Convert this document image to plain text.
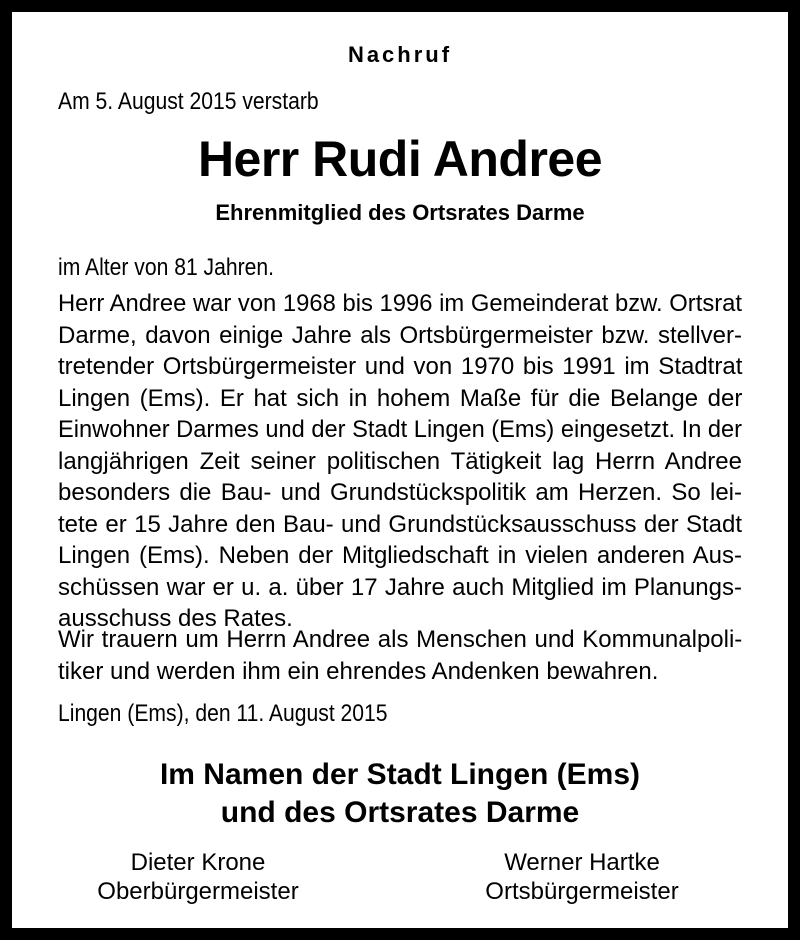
Nachruf
Am 5. August 2015 verstarb
Herr Rudi Andree
Ehrenmitglied des Ortsrates Darme
im Alter von 81 Jahren.
Herr Andree war von 1968 bis 1996 im Gemeinderat bzw. Ortsrat
Darme, davon einige Jahre als Ortsbürgermeister bzw. stellver-
tretender Ortsbürgermeister und von 1970 bis 1991 im Stadtrat
Lingen (Ems). Er hat sich in hohem Maße für die Belange der
Einwohner Darmes und der Stadt Lingen (Ems) eingesetzt. In der
langjährigen Zeit seiner politischen Tätigkeit lag Herrn Andree
besonders die Bau- und Grundstückspolitik am Herzen. So lei-
tete er 15 Jahre den Bau- und Grundstücksausschuss der Stadt
Lingen (Ems). Neben der Mitgliedschaft in vielen anderen Aus-
schüssen war er u. a. über 17 Jahre auch Mitglied im Planungs-
ausschuss des Rates.
Wir trauern um Herrn Andree als Menschen und Kommunalpoli-
tiker und werden ihm ein ehrendes Andenken bewahren.
Lingen (Ems), den 11. August 2015
Im Namen der Stadt Lingen (Ems)
und des Ortsrates Darme
Dieter Krone
Oberbürgermeister
Werner Hartke
Ortsbürgermeister
